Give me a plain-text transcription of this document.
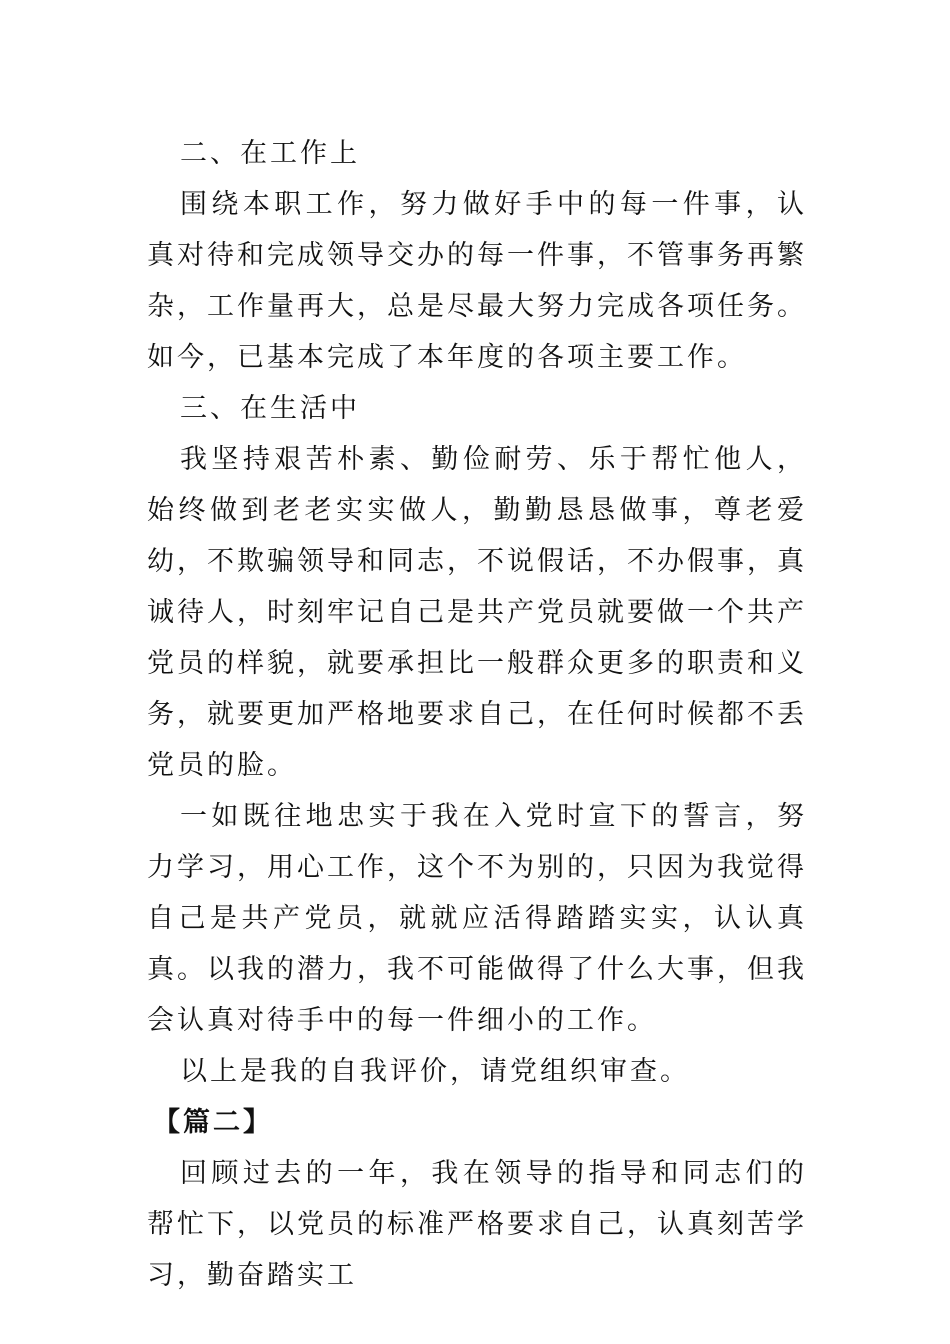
二、在工作上

围绕本职工作，努力做好手中的每一件事，认真对待和完成领导交办的每一件事，不管事务再繁杂，工作量再大，总是尽最大努力完成各项任务。如今，已基本完成了本年度的各项主要工作。

三、在生活中

我坚持艰苦朴素、勤俭耐劳、乐于帮忙他人，始终做到老老实实做人，勤勤恳恳做事，尊老爱幼，不欺骗领导和同志，不说假话，不办假事，真诚待人，时刻牢记自己是共产党员就要做一个共产党员的样貌，就要承担比一般群众更多的职责和义务，就要更加严格地要求自己，在任何时候都不丢党员的脸。

一如既往地忠实于我在入党时宣下的誓言，努力学习，用心工作，这个不为别的，只因为我觉得自己是共产党员，就就应活得踏踏实实，认认真真。以我的潜力，我不可能做得了什么大事，但我会认真对待手中的每一件细小的工作。

以上是我的自我评价，请党组织审查。

【篇二】

回顾过去的一年，我在领导的指导和同志们的帮忙下，以党员的标准严格要求自己，认真刻苦学习，勤奋踏实工
